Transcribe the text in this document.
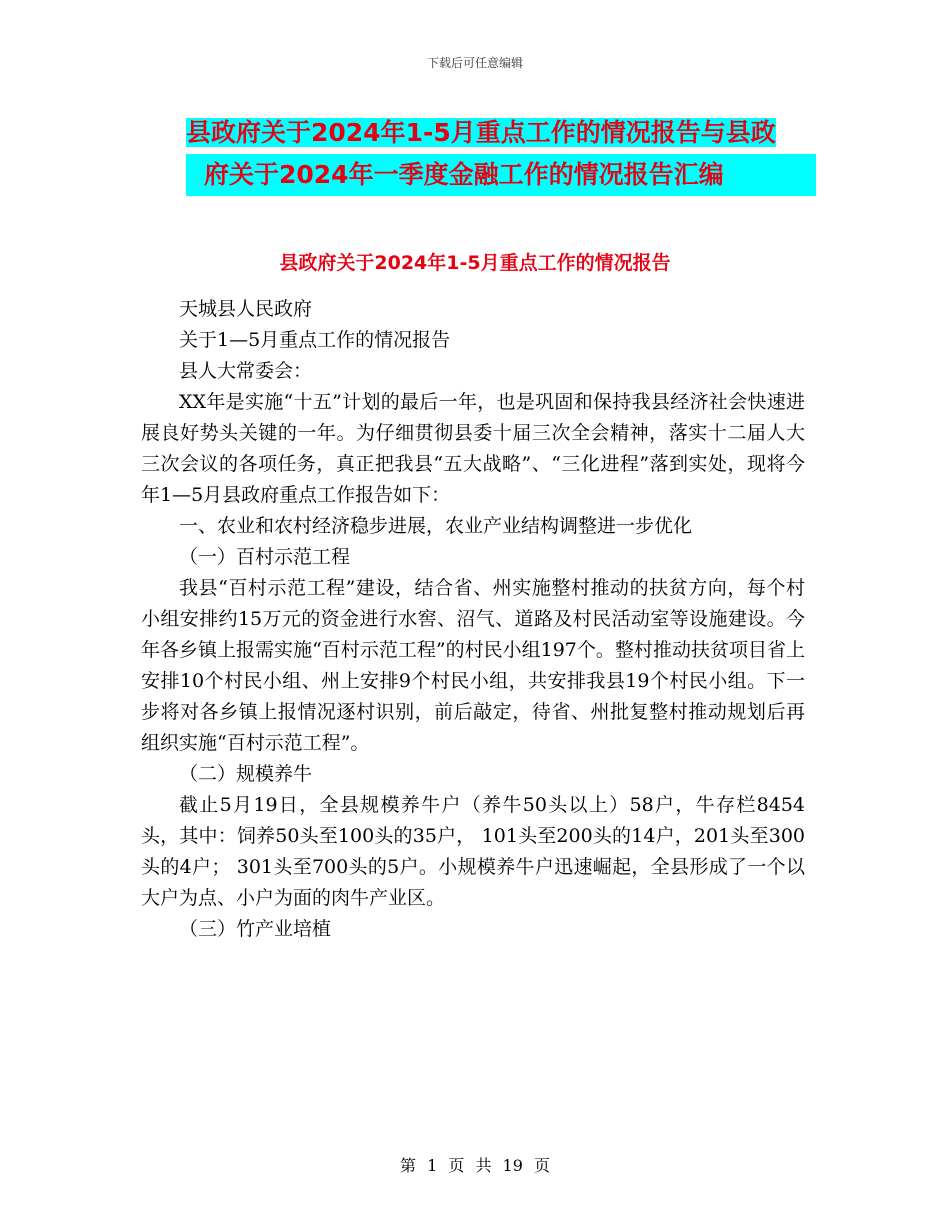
下载后可任意编辑
县政府关于2024年1-5月重点工作的情况报告与县政
府关于2024年一季度金融工作的情况报告汇编
县政府关于2024年1-5月重点工作的情况报告

天城县人民政府

关于1—5月重点工作的情况报告

县人大常委会：

XX年是实施“十五”计划的最后一年，也是巩固和保持我县经济社会快速进展良好势头关键的一年。为仔细贯彻县委十届三次全会精神，落实十二届人大三次会议的各项任务，真正把我县“五大战略”、“三化进程”落到实处，现将今年1—5月县政府重点工作报告如下：

一、农业和农村经济稳步进展，农业产业结构调整进一步优化

（一）百村示范工程

我县“百村示范工程”建设，结合省、州实施整村推动的扶贫方向，每个村小组安排约15万元的资金进行水窖、沼气、道路及村民活动室等设施建设。今年各乡镇上报需实施“百村示范工程”的村民小组197个。整村推动扶贫项目省上安排10个村民小组、州上安排9个村民小组，共安排我县19个村民小组。下一步将对各乡镇上报情况逐村识别，前后敲定，待省、州批复整村推动规划后再组织实施“百村示范工程”。

（二）规模养牛

截止5月19日，全县规模养牛户（养牛50头以上）58户，牛存栏8454头，其中：饲养50头至100头的35户， 101头至200头的14户，201头至300头的4户； 301头至700头的5户。小规模养牛户迅速崛起，全县形成了一个以大户为点、小户为面的肉牛产业区。

（三）竹产业培植

第 1 页 共 19 页
